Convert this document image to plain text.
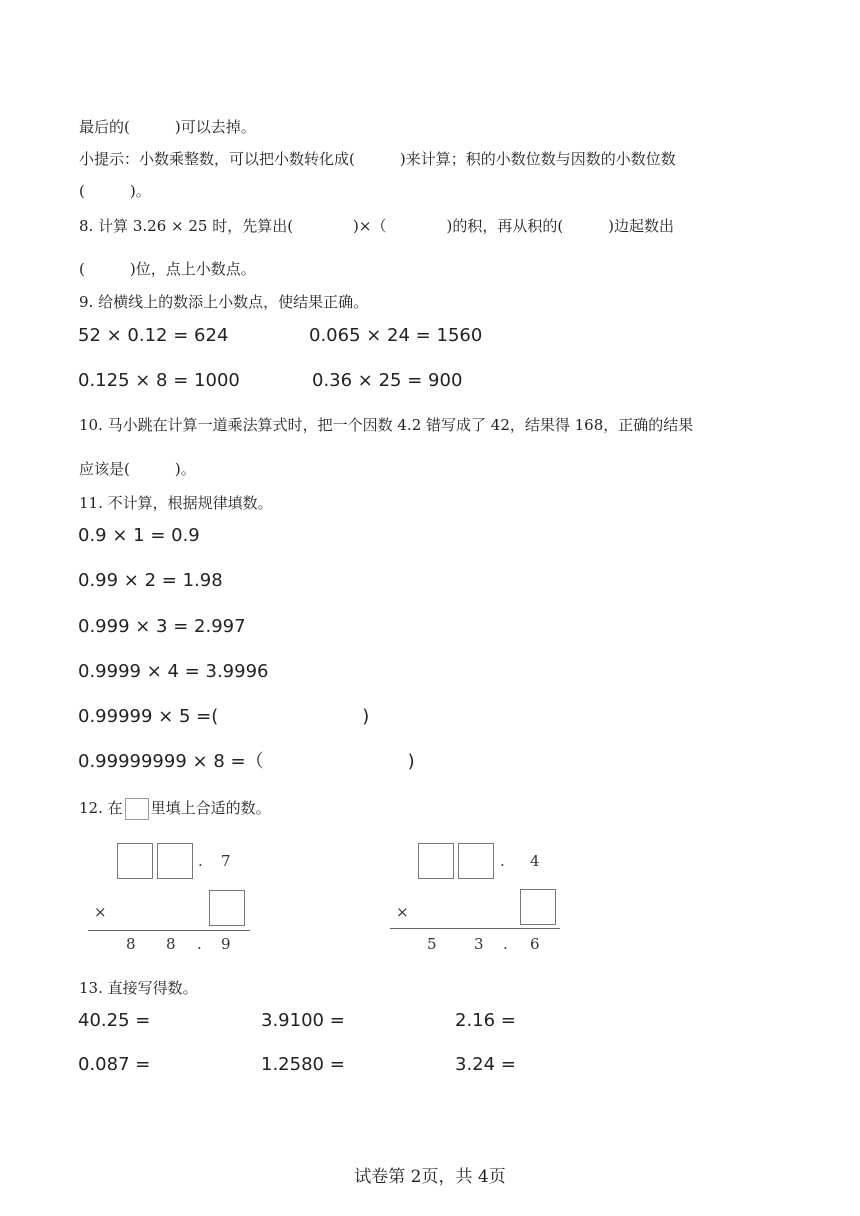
最后的(　　　)可以去掉。
小提示：小数乘整数，可以把小数转化成(　　　)来计算；积的小数位数与因数的小数位数
(　　　)。
8. 计算 3.26 × 25 时，先算出(　　　　)×（　　　　)的积，再从积的(　　　)边起数出
(　　　)位，点上小数点。
9. 给横线上的数添上小数点，使结果正确。
52 × 0.12 = 624	0.065 × 24 = 1560
0.125 × 8 = 1000	0.36 × 25 = 900
10. 马小跳在计算一道乘法算式时，把一个因数 4.2 错写成了 42，结果得 168，正确的结果
应该是(　　　)。
11. 不计算，根据规律填数。
0.9 × 1 = 0.9
0.99 × 2 = 1.98
0.999 × 3 = 2.997
0.9999 × 4 = 3.9996
0.99999 × 5 =(　　　　　　　　)
0.99999999 × 8 =（　　　　　　　　)
12. 在 里填上合适的数。
. 7
×
8 8 . 9
. 4
×
5 3 . 6
13. 直接写得数。
40.25 =	3.9100 =	2.16 =
0.087 =	1.2580 =	3.24 =
试卷第 2页，共 4页
